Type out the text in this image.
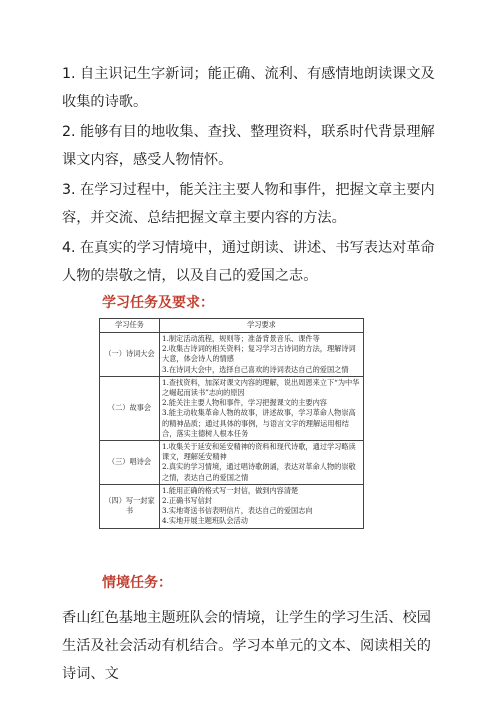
1. 自主识记生字新词；能正确、流利、有感情地朗读课文及收集的诗歌。

2. 能够有目的地收集、查找、整理资料，联系时代背景理解课文内容，感受人物情怀。

3. 在学习过程中，能关注主要人物和事件，把握文章主要内容，并交流、总结把握文章主要内容的方法。

4. 在真实的学习情境中，通过朗读、讲述、书写表达对革命人物的崇敬之情，以及自己的爱国之志。

学习任务及要求：

学习任务	学习要求
（一）诗词大会	1.制定活动流程，规则等；准备背景音乐、课件等
2.收集古诗词的相关资料；复习学习古诗词的方法，理解诗词大意，体会诗人的情感
3.在诗词大会中，选择自己喜欢的诗词表达自己的爱国之情

（二）故事会	1.查找资料，加深对课文内容的理解，说出周恩来立下“为中华之崛起而读书”志向的原因
2.能关注主要人物和事件，学习把握课文的主要内容
3.能主动收集革命人物的故事，讲述故事，学习革命人物崇高的精神品质；通过具体的事例，与语言文字的理解运用相结合，落实主德树人根本任务

（三）唱诗会	1.收集关于延安和延安精神的资料和现代诗歌，通过学习略读课文，理解延安精神
2.真实的学习情境，通过唱诗歌朗诵，表达对革命人物的崇敬之情，表达自己的爱国之情

（四）写一封家书	1.能用正确的格式写一封信，做到内容清楚
2.正确书写信封
3.实地寄送书信表明信片，表达自己的爱国志向
4.实地开展主题班队会活动

情境任务：

香山红色基地主题班队会的情境，让学生的学习生活、校园生活及社会活动有机结合。学习本单元的文本、阅读相关的诗词、文
